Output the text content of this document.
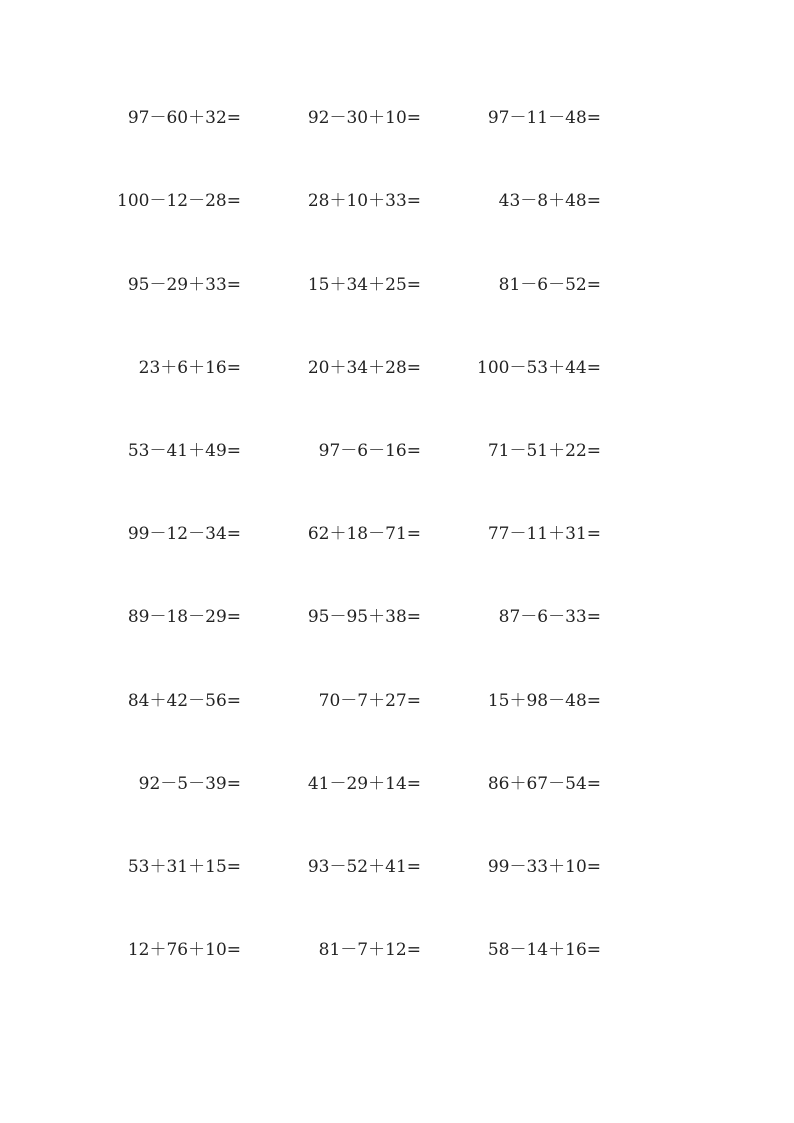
97－60＋32=	92－30＋10=	97－11－48=
100－12－28=	28＋10＋33=	43－8＋48=
95－29＋33=	15＋34＋25=	81－6－52=
23＋6＋16=	20＋34＋28=	100－53＋44=
53－41＋49=	97－6－16=	71－51＋22=
99－12－34=	62＋18－71=	77－11＋31=
89－18－29=	95－95＋38=	87－6－33=
84＋42－56=	70－7＋27=	15＋98－48=
92－5－39=	41－29＋14=	86＋67－54=
53＋31＋15=	93－52＋41=	99－33＋10=
12＋76＋10=	81－7＋12=	58－14＋16=
